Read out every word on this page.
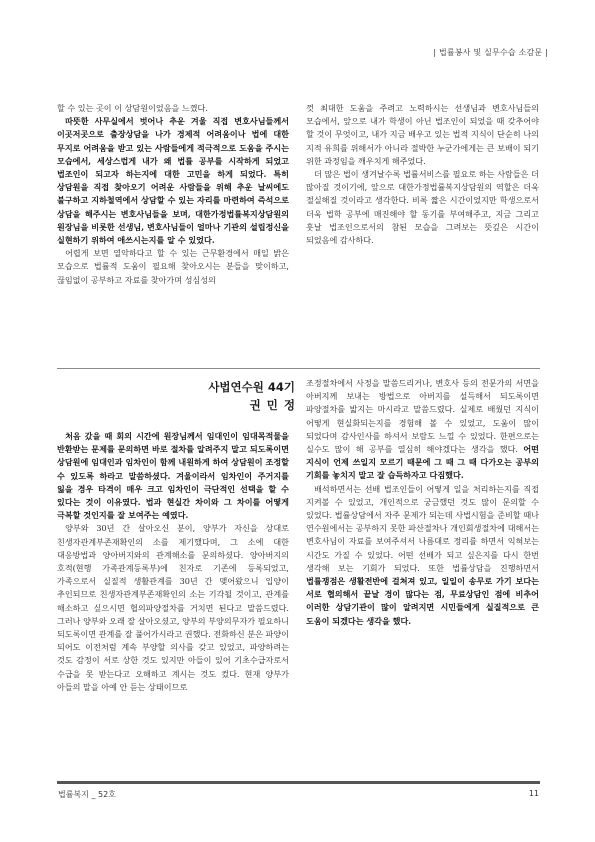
| 법률봉사 및 실무수습 소감문 |

할 수 있는 곳이 이 상담원이었음을 느꼈다.

따뜻한 사무실에서 벗어나 추운 겨울 직접 변호사님들께서 이곳저곳으로 출장상담을 나가 경제적 어려움이나 법에 대한 무지로 어려움을 받고 있는 사람들에게 적극적으로 도움을 주시는 모습에서, 세상스럽게 내가 왜 법률 공부를 시작하게 되었고 법조인이 되고자 하는지에 대한 고민을 하게 되었다. 특히 상담원을 직접 찾아오기 어려운 사람들을 위해 추운 날씨에도 불구하고 지하철역에서 상담할 수 있는 자리를 마련하여 즉석으로 상담을 해주시는 변호사님들을 보며, 대한가정법률복지상담원의 원장님을 비롯한 선생님, 변호사님들이 얼마나 기관의 설립정신을 실현하기 위하여 애쓰시는지를 알 수 있었다.

어렵게 보면 열악하다고 할 수 있는 근무환경에서 매일 밝은 모습으로 법률적 도움이 필요해 찾아오시는 분들을 맞이하고, 끊임없이 공부하고 자료를 찾아가며 성심성의

껏 최대한 도움을 주려고 노력하시는 선생님과 변호사님들의 모습에서, 앞으로 내가 학생이 아닌 법조인이 되었을 때 갖추어야 할 것이 무엇이고, 내가 지금 배우고 있는 법적 지식이 단순히 나의 지적 유희를 위해서가 아니라 절박한 누군가에게는 큰 보배이 되기 위한 과정임을 깨우치게 해주었다.

더 많은 법이 생겨날수록 법률서비스를 필요로 하는 사람들은 더 많아질 것이기에, 앞으로 대한가정법률복지상담원의 역할은 더욱 절실해질 것이라고 생각한다. 비록 짧은 시간이었지만 학생으로서 더욱 법학 공부에 매진해야 할 동기를 부여해주고, 지금 그리고 훗날 법조인으로서의 참된 모습을 그려보는 뜻깊은 시간이 되었음에 감사하다.

사법연수원 44기
권민정

처음 갔을 때 회의 시간에 원장님께서 임대인이 임대목적물을 반환받는 문제를 문의하면 바로 절차를 알려주지 말고 되도록이면 상담원에 임대인과 임차인이 함께 내원하게 하여 상담원이 조정할 수 있도록 하라고 말씀하셨다. 겨울이라서 임차인이 주거지를 잃을 경우 타격이 매우 크고 임차인이 극단적인 선택을 할 수 있다는 것이 이유였다. 법과 현실간 차이와 그 차이를 어떻게 극복할 것인지를 잘 보여주는 예였다.

양부와 30년 간 살아오신 분이, 양부가 자신을 상대로 친생자관계부존재확인의 소를 제기했다며, 그 소에 대한 대응방법과 양아버지와의 관계해소를 문의하셨다. 양아버지의 호적(현행 가족관계등록부)에 친자로 기존에 등록되었고, 가족으로서 실질적 생활관계를 30년 간 맺어왔으니 입양이 추인되므로 친생자관계부존재확인의 소는 기각될 것이고, 관계를 해소하고 싶으시면 협의파양절차를 거치면 된다고 말씀드렸다. 그러나 양부와 오래 잘 살아오셨고, 양부의 부양의무자가 필요하니 되도록이면 관계를 잘 풀어가시라고 권했다. 전화하신 분은 파양이 되어도 이전처럼 계속 부양할 의사를 갖고 있었고, 파양하려는 것도 감정이 서로 상한 것도 있지만 아들이 있어 기초수급자로서 수급을 못 받는다고 오해하고 계시는 것도 컸다. 현재 양부가 아들의 말을 아예 안 듣는 상태이므로

조정절차에서 사정을 말씀드리거나, 변호사 등의 전문가의 서면을 아버지께 보내는 방법으로 아버지를 설득해서 되도록이면 파양절차를 밟지는 마시라고 말씀드렸다. 실제로 배웠던 지식이 어떻게 현실화되는지를 경험해 볼 수 있었고, 도움이 많이 되었다며 감사인사를 하셔서 보람도 느낄 수 있었다. 한편으로는 실수도 많이 해 공부를 열심히 해야겠다는 생각을 했다. 어떤 지식이 언제 쓰일지 모르기 때문에 그 때 그 때 다가오는 공부의 기회를 놓치지 말고 잘 습득하자고 다짐했다.

배석하면서는 선배 법조인들이 어떻게 일을 처리하는지를 직접 지켜볼 수 있었고, 개인적으로 궁금했던 것도 많이 문의할 수 있었다. 법률상담에서 자주 문제가 되는데 사법시험을 준비할 때나 연수원에서는 공부하지 못한 파산절차나 개인회생절차에 대해서는 변호사님이 자료를 보여주셔서 나름대로 정리를 하면서 익혀보는 시간도 가질 수 있었다. 어떤 선배가 되고 싶은지를 다시 한번 생각해 보는 기회가 되었다. 또한 법률상담을 진행하면서 법률쟁점은 생활전반에 걸쳐져 있고, 일일이 송무로 가기 보다는 서로 협의해서 끝날 경이 많다는 점, 무료상담인 점에 비추어 이러한 상담기관이 많이 알려지면 시민들에게 실질적으로 큰 도움이 되겠다는 생각을 했다.

법률복지 _ 52호	11
